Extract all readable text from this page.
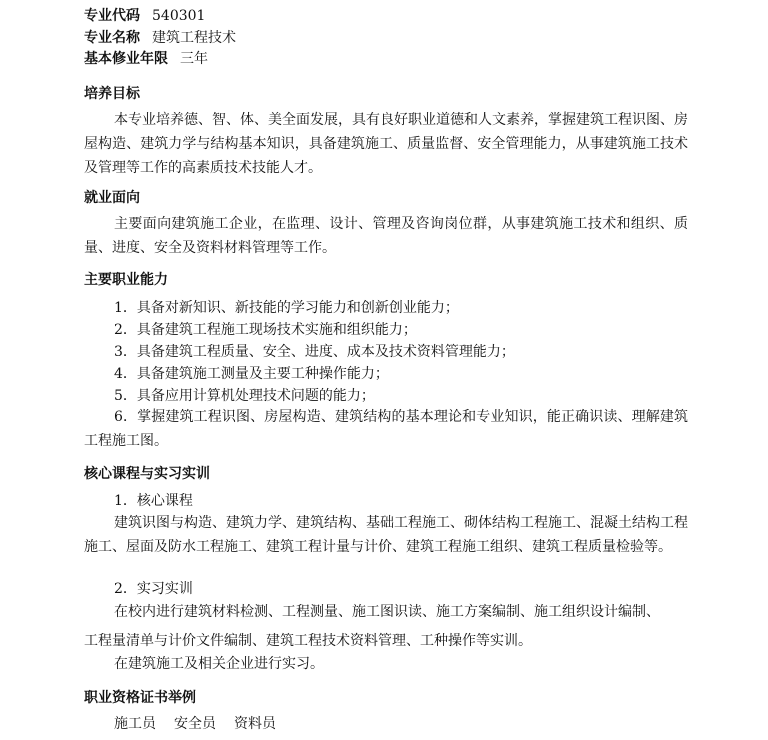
专业代码 540301
专业名称 建筑工程技术
基本修业年限 三年
培养目标
本专业培养德、智、体、美全面发展，具有良好职业道德和人文素养，掌握建筑工程识图、房屋构造、建筑力学与结构基本知识，具备建筑施工、质量监督、安全管理能力，从事建筑施工技术及管理等工作的高素质技术技能人才。
就业面向
主要面向建筑施工企业，在监理、设计、管理及咨询岗位群，从事建筑施工技术和组织、质量、进度、安全及资料材料管理等工作。
主要职业能力
1．具备对新知识、新技能的学习能力和创新创业能力；
2．具备建筑工程施工现场技术实施和组织能力；
3．具备建筑工程质量、安全、进度、成本及技术资料管理能力；
4．具备建筑施工测量及主要工种操作能力；
5．具备应用计算机处理技术问题的能力；
6．掌握建筑工程识图、房屋构造、建筑结构的基本理论和专业知识，能正确识读、理解建筑工程施工图。
核心课程与实习实训
1．核心课程
建筑识图与构造、建筑力学、建筑结构、基础工程施工、砌体结构工程施工、混凝土结构工程施工、屋面及防水工程施工、建筑工程计量与计价、建筑工程施工组织、建筑工程质量检验等。
2．实习实训
在校内进行建筑材料检测、工程测量、施工图识读、施工方案编制、施工组织设计编制、
工程量清单与计价文件编制、建筑工程技术资料管理、工种操作等实训。
在建筑施工及相关企业进行实习。
职业资格证书举例
施工员 安全员 资料员
